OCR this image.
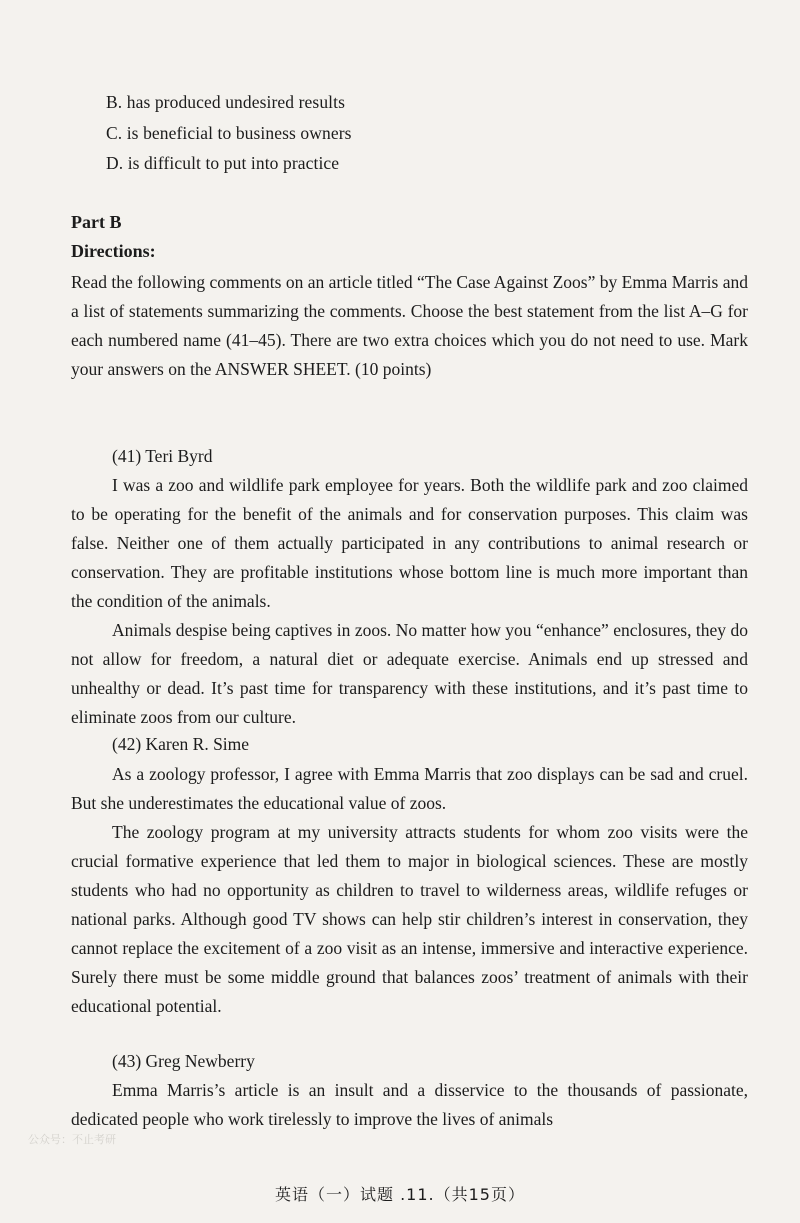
B. has produced undesired results
C. is beneficial to business owners
D. is difficult to put into practice
Part B
Directions:
Read the following comments on an article titled “The Case Against Zoos” by Emma Marris and a list of statements summarizing the comments. Choose the best statement from the list A–G for each numbered name (41–45). There are two extra choices which you do not need to use. Mark your answers on the ANSWER SHEET. (10 points)
(41) Teri Byrd
I was a zoo and wildlife park employee for years. Both the wildlife park and zoo claimed to be operating for the benefit of the animals and for conservation purposes. This claim was false. Neither one of them actually participated in any contributions to animal research or conservation. They are profitable institutions whose bottom line is much more important than the condition of the animals.
Animals despise being captives in zoos. No matter how you “enhance” enclosures, they do not allow for freedom, a natural diet or adequate exercise. Animals end up stressed and unhealthy or dead. It’s past time for transparency with these institutions, and it’s past time to eliminate zoos from our culture.
(42) Karen R. Sime
As a zoology professor, I agree with Emma Marris that zoo displays can be sad and cruel. But she underestimates the educational value of zoos.
The zoology program at my university attracts students for whom zoo visits were the crucial formative experience that led them to major in biological sciences. These are mostly students who had no opportunity as children to travel to wilderness areas, wildlife refuges or national parks. Although good TV shows can help stir children’s interest in conservation, they cannot replace the excitement of a zoo visit as an intense, immersive and interactive experience. Surely there must be some middle ground that balances zoos’ treatment of animals with their educational potential.
(43) Greg Newberry
Emma Marris’s article is an insult and a disservice to the thousands of passionate, dedicated people who work tirelessly to improve the lives of animals
公众号：不止考研
英语（一）试题 .11.（共15页）
